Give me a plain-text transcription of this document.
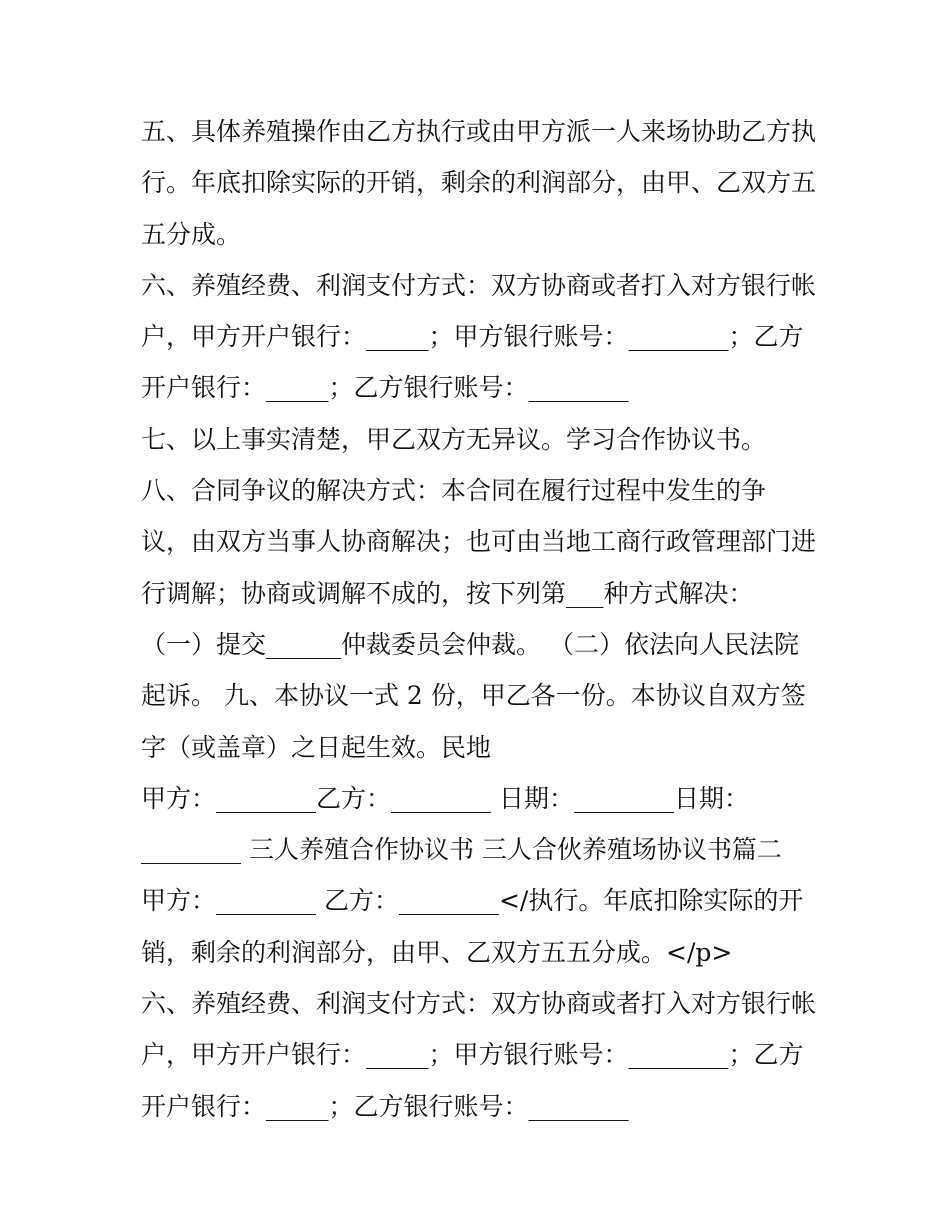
五、具体养殖操作由乙方执行或由甲方派一人来场协助乙方执
行。年底扣除实际的开销，剩余的利润部分，由甲、乙双方五
五分成。
六、养殖经费、利润支付方式：双方协商或者打入对方银行帐
户，甲方开户银行：_____；甲方银行账号：________；乙方
开户银行：_____；乙方银行账号：________
七、以上事实清楚，甲乙双方无异议。学习合作协议书。
八、合同争议的解决方式：本合同在履行过程中发生的争
议，由双方当事人协商解决；也可由当地工商行政管理部门进
行调解；协商或调解不成的，按下列第___种方式解决：
（一）提交______仲裁委员会仲裁。 （二）依法向人民法院
起诉。 九、本协议一式 2 份，甲乙各一份。本协议自双方签
字（或盖章）之日起生效。民地
甲方：________乙方：________ 日期：________日期：
________ 三人养殖合作协议书 三人合伙养殖场协议书篇二
甲方：________ 乙方：________</执行。年底扣除实际的开
销，剩余的利润部分，由甲、乙双方五五分成。</p>
六、养殖经费、利润支付方式：双方协商或者打入对方银行帐
户，甲方开户银行：_____；甲方银行账号：________；乙方
开户银行：_____；乙方银行账号：________
